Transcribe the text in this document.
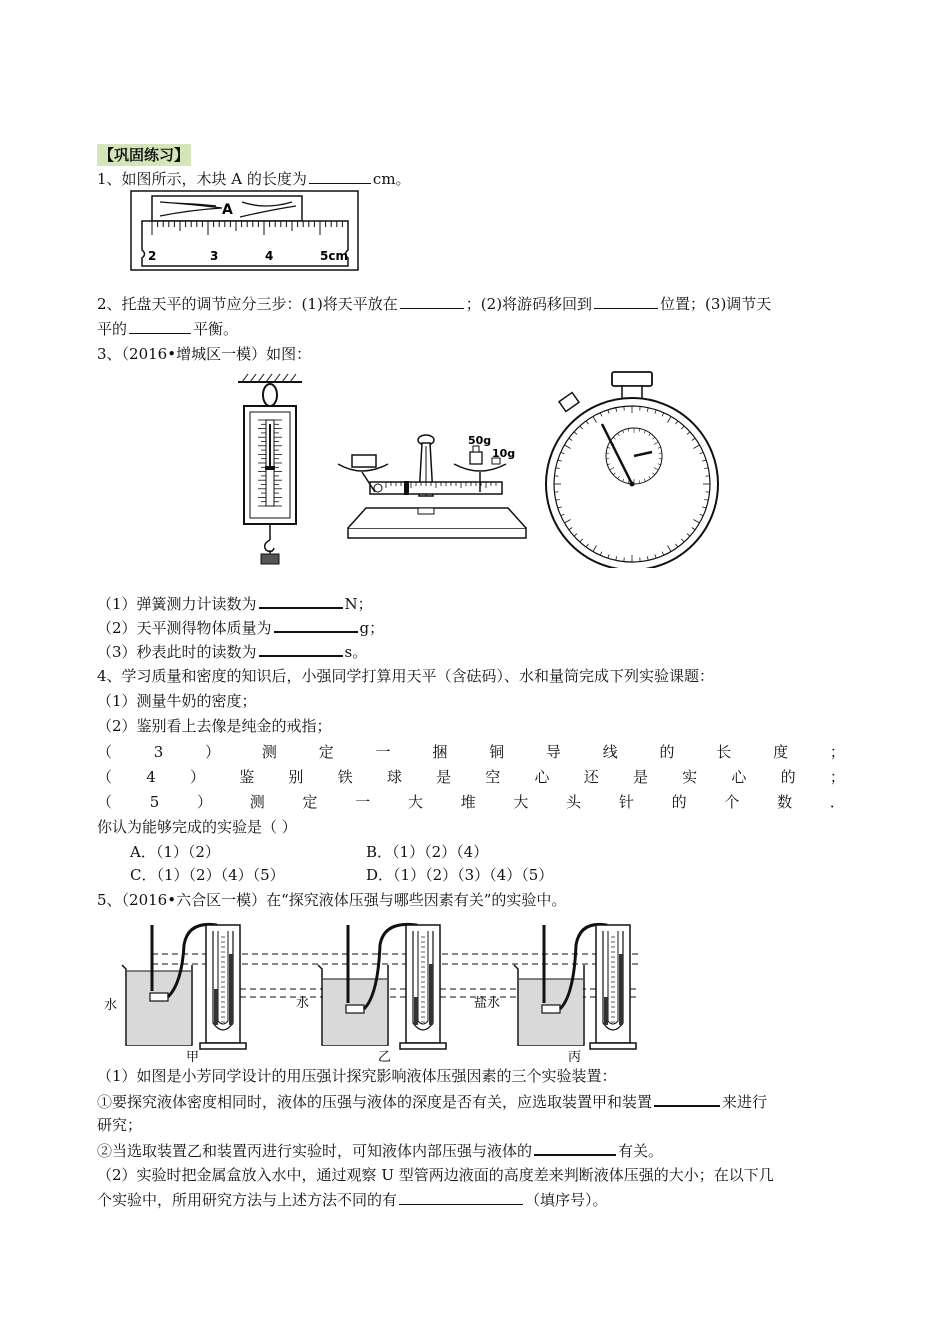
【巩固练习】
1、如图所示，木块 A 的长度为	cm。
A
2	3	4	5cm
2、托盘天平的调节应分三步：(1)将天平放在	；(2)将游码移回到	位置；(3)调节天
平的	平衡。
3、（2016•增城区一模）如图：
50g
10g
（1）弹簧测力计读数为	N；
（2）天平测得物体质量为	g；
（3）秒表此时的读数为	s。
4、学习质量和密度的知识后，小强同学打算用天平（含砝码）、水和量筒完成下列实验课题：
（1）测量牛奶的密度；
（2）鉴别看上去像是纯金的戒指；
（	3	）	测	定	一	捆	铜	导	线	的	长	度	；
（ 4 ） 鉴 别 铁 球 是 空 心 还 是 实 心 的 ；
（	5	）	测	定	一	大	堆	大	头	针	的	个	数	．
你认为能够完成的实验是（ ）
A．（1）（2）	B．（1）（2）（4）
C．（1）（2）（4）（5）	D．（1）（2）（3）（4）（5）
5、（2016•六合区一模）在“探究液体压强与哪些因素有关”的实验中。
水	水	盐水
甲	乙	丙
（1）如图是小芳同学设计的用压强计探究影响液体压强因素的三个实验装置：
①要探究液体密度相同时，液体的压强与液体的深度是否有关，应选取装置甲和装置	来进行
研究；
②当选取装置乙和装置丙进行实验时，可知液体内部压强与液体的	有关。
（2）实验时把金属盒放入水中，通过观察 U 型管两边液面的高度差来判断液体压强的大小；在以下几
个实验中，所用研究方法与上述方法不同的有	（填序号）。
